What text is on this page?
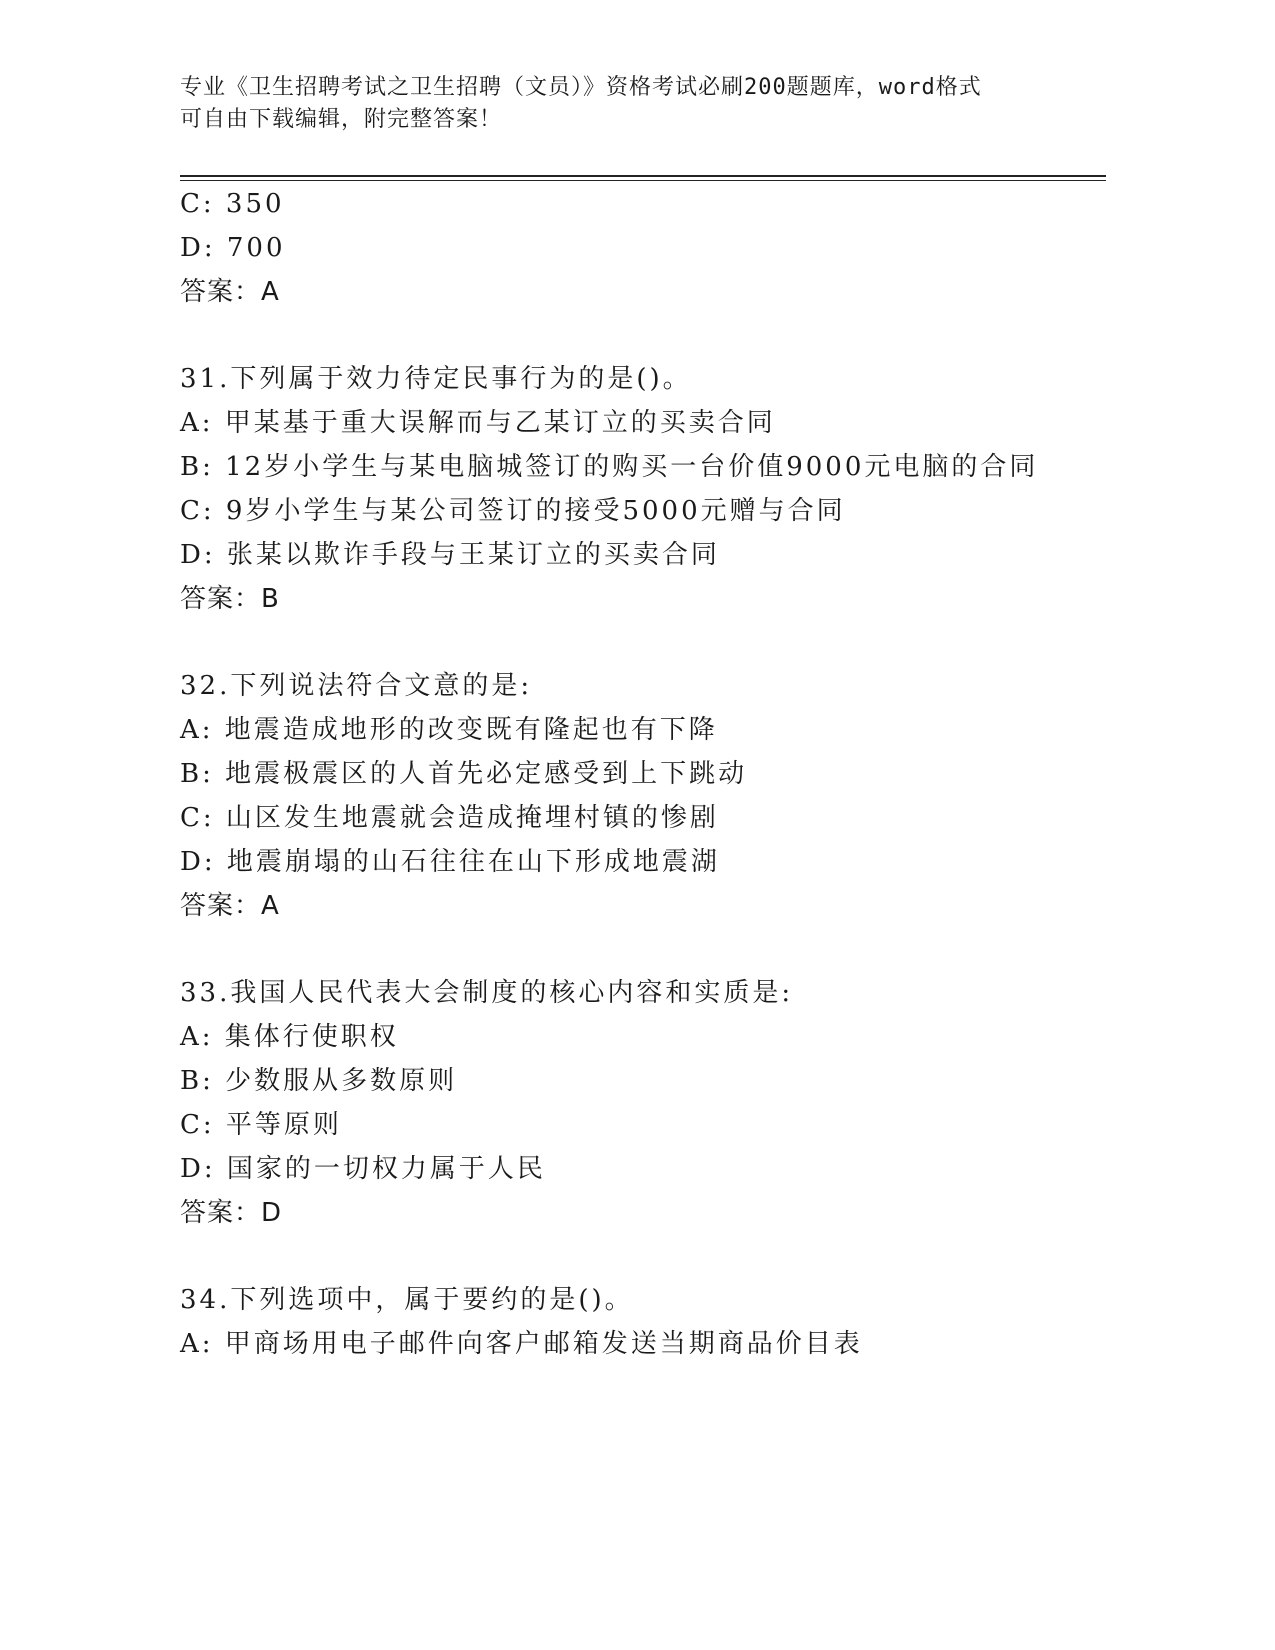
专业《卫生招聘考试之卫生招聘（文员）》资格考试必刷200题题库，word格式
可自由下载编辑，附完整答案！
C: 350
D: 700
答案：A
31.下列属于效力待定民事行为的是()。
A: 甲某基于重大误解而与乙某订立的买卖合同
B: 12岁小学生与某电脑城签订的购买一台价值9000元电脑的合同
C: 9岁小学生与某公司签订的接受5000元赠与合同
D: 张某以欺诈手段与王某订立的买卖合同
答案：B
32.下列说法符合文意的是:
A: 地震造成地形的改变既有隆起也有下降
B: 地震极震区的人首先必定感受到上下跳动
C: 山区发生地震就会造成掩埋村镇的惨剧
D: 地震崩塌的山石往往在山下形成地震湖
答案：A
33.我国人民代表大会制度的核心内容和实质是:
A: 集体行使职权
B: 少数服从多数原则
C: 平等原则
D: 国家的一切权力属于人民
答案：D
34.下列选项中，属于要约的是()。
A: 甲商场用电子邮件向客户邮箱发送当期商品价目表
